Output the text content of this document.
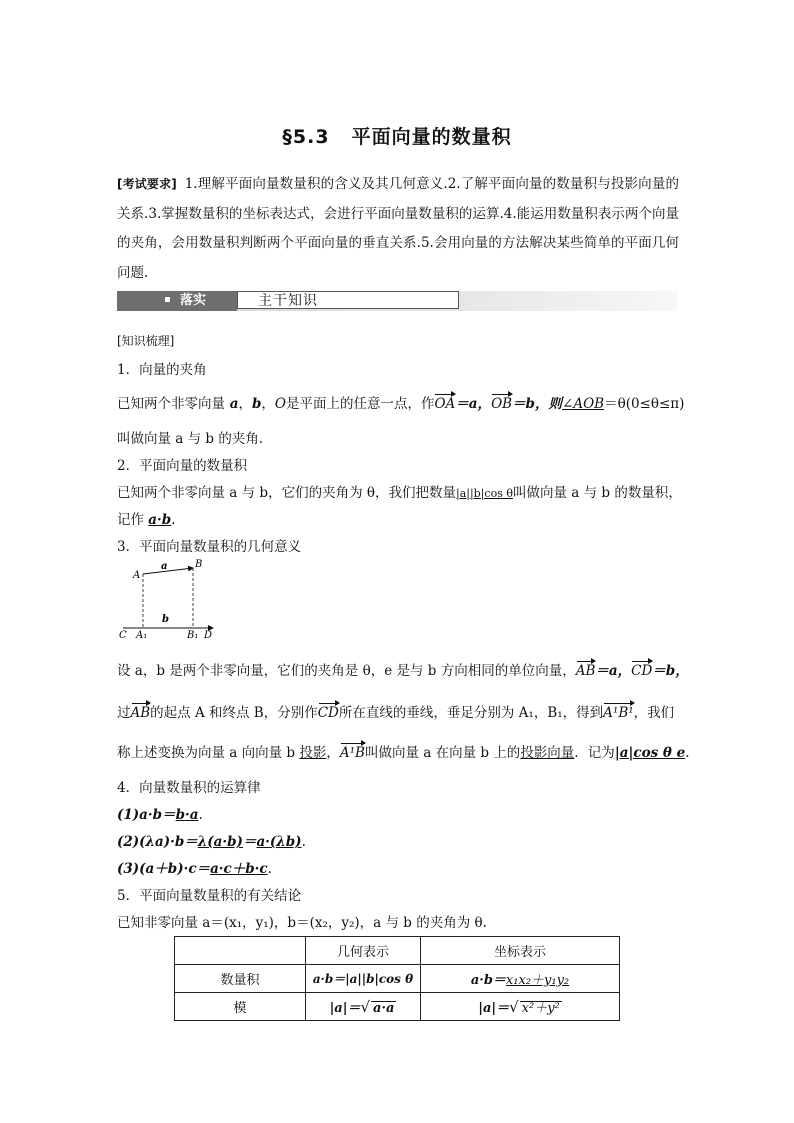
§5.3 平面向量的数量积
[考试要求] 1.理解平面向量数量积的含义及其几何意义.2.了解平面向量的数量积与投影向量的关系.3.掌握数量积的坐标表达式，会进行平面向量数量积的运算.4.能运用数量积表示两个向量的夹角，会用数量积判断两个平面向量的垂直关系.5.会用向量的方法解决某些简单的平面几何问题.
落实	主干知识
[知识梳理]
1．向量的夹角
已知两个非零向量 a，b，O是平面上的任意一点，作OA＝a，OB＝b，则∠AOB＝θ(0≤θ≤π)
叫做向量 a 与 b 的夹角．
2．平面向量的数量积
已知两个非零向量 a 与 b，它们的夹角为 θ，我们把数量|a||b|cos θ叫做向量 a 与 b 的数量积，
记作 a·b.
3．平面向量数量积的几何意义
A
B
a
b
C A₁	B₁ D
设 a，b 是两个非零向量，它们的夹角是 θ，e 是与 b 方向相同的单位向量，AB＝a，CD＝b，
过AB的起点 A 和终点 B，分别作CD所在直线的垂线，垂足分别为 A₁，B₁，得到A¹B¹，我们
称上述变换为向量 a 向向量 b 投影，A¹B叫做向量 a 在向量 b 上的投影向量．记为|a|cos θ e.
4．向量数量积的运算律
(1)a·b＝b·a.
(2)(λa)·b＝λ(a·b)＝a·(λb).
(3)(a＋b)·c＝a·c＋b·c.
5．平面向量数量积的有关结论
已知非零向量 a＝(x₁，y₁)，b＝(x₂，y₂)，a 与 b 的夹角为 θ.
	几何表示	坐标表示
数量积	a·b＝|a||b|cos θ	a·b＝x₁x₂＋y₁y₂
模	|a|＝√ a·a	|a|＝√ x²＋y²
